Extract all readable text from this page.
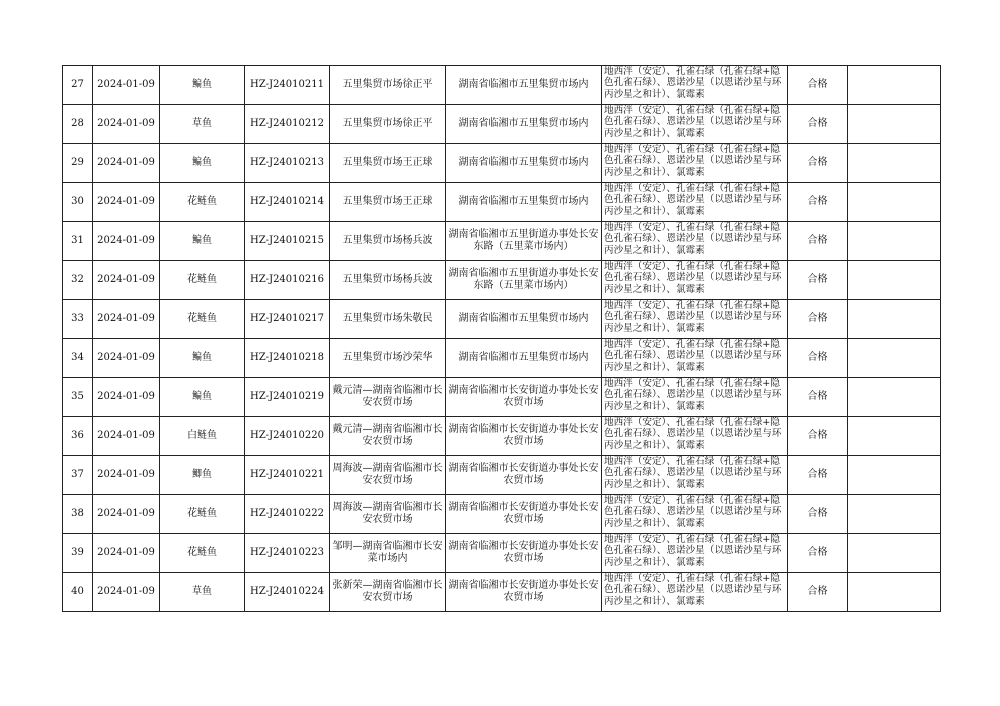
27	2024-01-09	鳊鱼	HZ-J24010211	五里集贸市场徐正平	湖南省临湘市五里集贸市场内	地西泮（安定）、孔雀石绿（孔雀石绿+隐色孔雀石绿）、恩诺沙星（以恩诺沙星与环丙沙星之和计）、氯霉素	合格	
28	2024-01-09	草鱼	HZ-J24010212	五里集贸市场徐正平	湖南省临湘市五里集贸市场内	地西泮（安定）、孔雀石绿（孔雀石绿+隐色孔雀石绿）、恩诺沙星（以恩诺沙星与环丙沙星之和计）、氯霉素	合格	
29	2024-01-09	鳊鱼	HZ-J24010213	五里集贸市场王正球	湖南省临湘市五里集贸市场内	地西泮（安定）、孔雀石绿（孔雀石绿+隐色孔雀石绿）、恩诺沙星（以恩诺沙星与环丙沙星之和计）、氯霉素	合格	
30	2024-01-09	花鲢鱼	HZ-J24010214	五里集贸市场王正球	湖南省临湘市五里集贸市场内	地西泮（安定）、孔雀石绿（孔雀石绿+隐色孔雀石绿）、恩诺沙星（以恩诺沙星与环丙沙星之和计）、氯霉素	合格	
31	2024-01-09	鳊鱼	HZ-J24010215	五里集贸市场杨兵波	湖南省临湘市五里街道办事处长安东路（五里菜市场内）	地西泮（安定）、孔雀石绿（孔雀石绿+隐色孔雀石绿）、恩诺沙星（以恩诺沙星与环丙沙星之和计）、氯霉素	合格	
32	2024-01-09	花鲢鱼	HZ-J24010216	五里集贸市场杨兵波	湖南省临湘市五里街道办事处长安东路（五里菜市场内）	地西泮（安定）、孔雀石绿（孔雀石绿+隐色孔雀石绿）、恩诺沙星（以恩诺沙星与环丙沙星之和计）、氯霉素	合格	
33	2024-01-09	花鲢鱼	HZ-J24010217	五里集贸市场朱敬民	湖南省临湘市五里集贸市场内	地西泮（安定）、孔雀石绿（孔雀石绿+隐色孔雀石绿）、恩诺沙星（以恩诺沙星与环丙沙星之和计）、氯霉素	合格	
34	2024-01-09	鳊鱼	HZ-J24010218	五里集贸市场沙荣华	湖南省临湘市五里集贸市场内	地西泮（安定）、孔雀石绿（孔雀石绿+隐色孔雀石绿）、恩诺沙星（以恩诺沙星与环丙沙星之和计）、氯霉素	合格	
35	2024-01-09	鳊鱼	HZ-J24010219	戴元清—湖南省临湘市长安农贸市场	湖南省临湘市长安街道办事处长安农贸市场	地西泮（安定）、孔雀石绿（孔雀石绿+隐色孔雀石绿）、恩诺沙星（以恩诺沙星与环丙沙星之和计）、氯霉素	合格	
36	2024-01-09	白鲢鱼	HZ-J24010220	戴元清—湖南省临湘市长安农贸市场	湖南省临湘市长安街道办事处长安农贸市场	地西泮（安定）、孔雀石绿（孔雀石绿+隐色孔雀石绿）、恩诺沙星（以恩诺沙星与环丙沙星之和计）、氯霉素	合格	
37	2024-01-09	鲫鱼	HZ-J24010221	周海波—湖南省临湘市长安农贸市场	湖南省临湘市长安街道办事处长安农贸市场	地西泮（安定）、孔雀石绿（孔雀石绿+隐色孔雀石绿）、恩诺沙星（以恩诺沙星与环丙沙星之和计）、氯霉素	合格	
38	2024-01-09	花鲢鱼	HZ-J24010222	周海波—湖南省临湘市长安农贸市场	湖南省临湘市长安街道办事处长安农贸市场	地西泮（安定）、孔雀石绿（孔雀石绿+隐色孔雀石绿）、恩诺沙星（以恩诺沙星与环丙沙星之和计）、氯霉素	合格	
39	2024-01-09	花鲢鱼	HZ-J24010223	邹明—湖南省临湘市长安菜市场内	湖南省临湘市长安街道办事处长安农贸市场	地西泮（安定）、孔雀石绿（孔雀石绿+隐色孔雀石绿）、恩诺沙星（以恩诺沙星与环丙沙星之和计）、氯霉素	合格	
40	2024-01-09	草鱼	HZ-J24010224	张新荣—湖南省临湘市长安农贸市场	湖南省临湘市长安街道办事处长安农贸市场	地西泮（安定）、孔雀石绿（孔雀石绿+隐色孔雀石绿）、恩诺沙星（以恩诺沙星与环丙沙星之和计）、氯霉素	合格	
